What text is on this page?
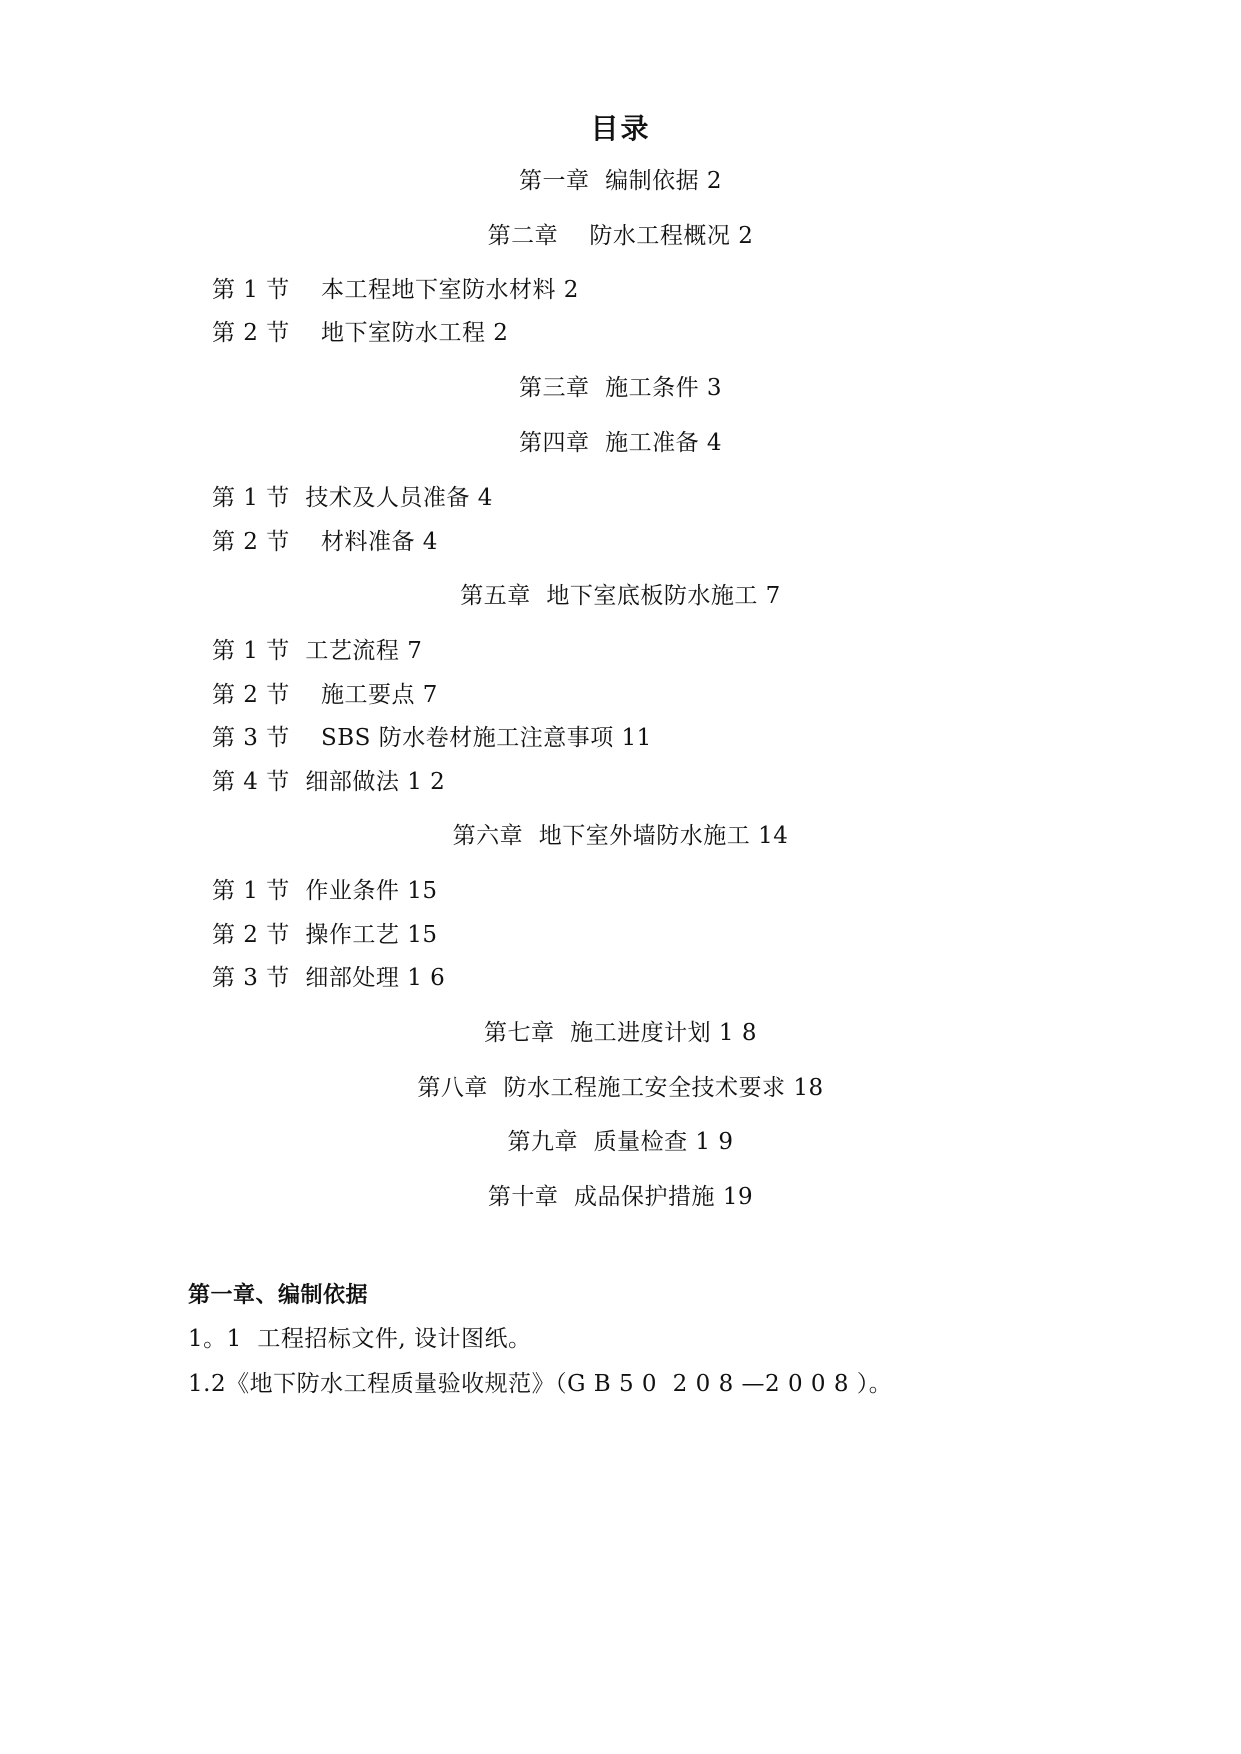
目录
第一章  编制依据 2
第二章    防水工程概况 2
第 1 节    本工程地下室防水材料 2
第 2 节    地下室防水工程 2
第三章  施工条件 3
第四章  施工准备 4
第 1 节  技术及人员准备 4
第 2 节    材料准备 4
第五章  地下室底板防水施工 7
第 1 节  工艺流程 7
第 2 节    施工要点 7
第 3 节    SBS 防水卷材施工注意事项 11
第 4 节  细部做法 1 2
第六章  地下室外墙防水施工 14
第 1 节  作业条件 15
第 2 节  操作工艺 15
第 3 节  细部处理 1 6
第七章  施工进度计划 1 8
第八章  防水工程施工安全技术要求 18
第九章  质量检查 1 9
第十章  成品保护措施 19
第一章、编制依据
1。1  工程招标文件, 设计图纸。
1.2《地下防水工程质量验收规范》（G B 5 0  2 0 8 —2 0 0 8 ）。
